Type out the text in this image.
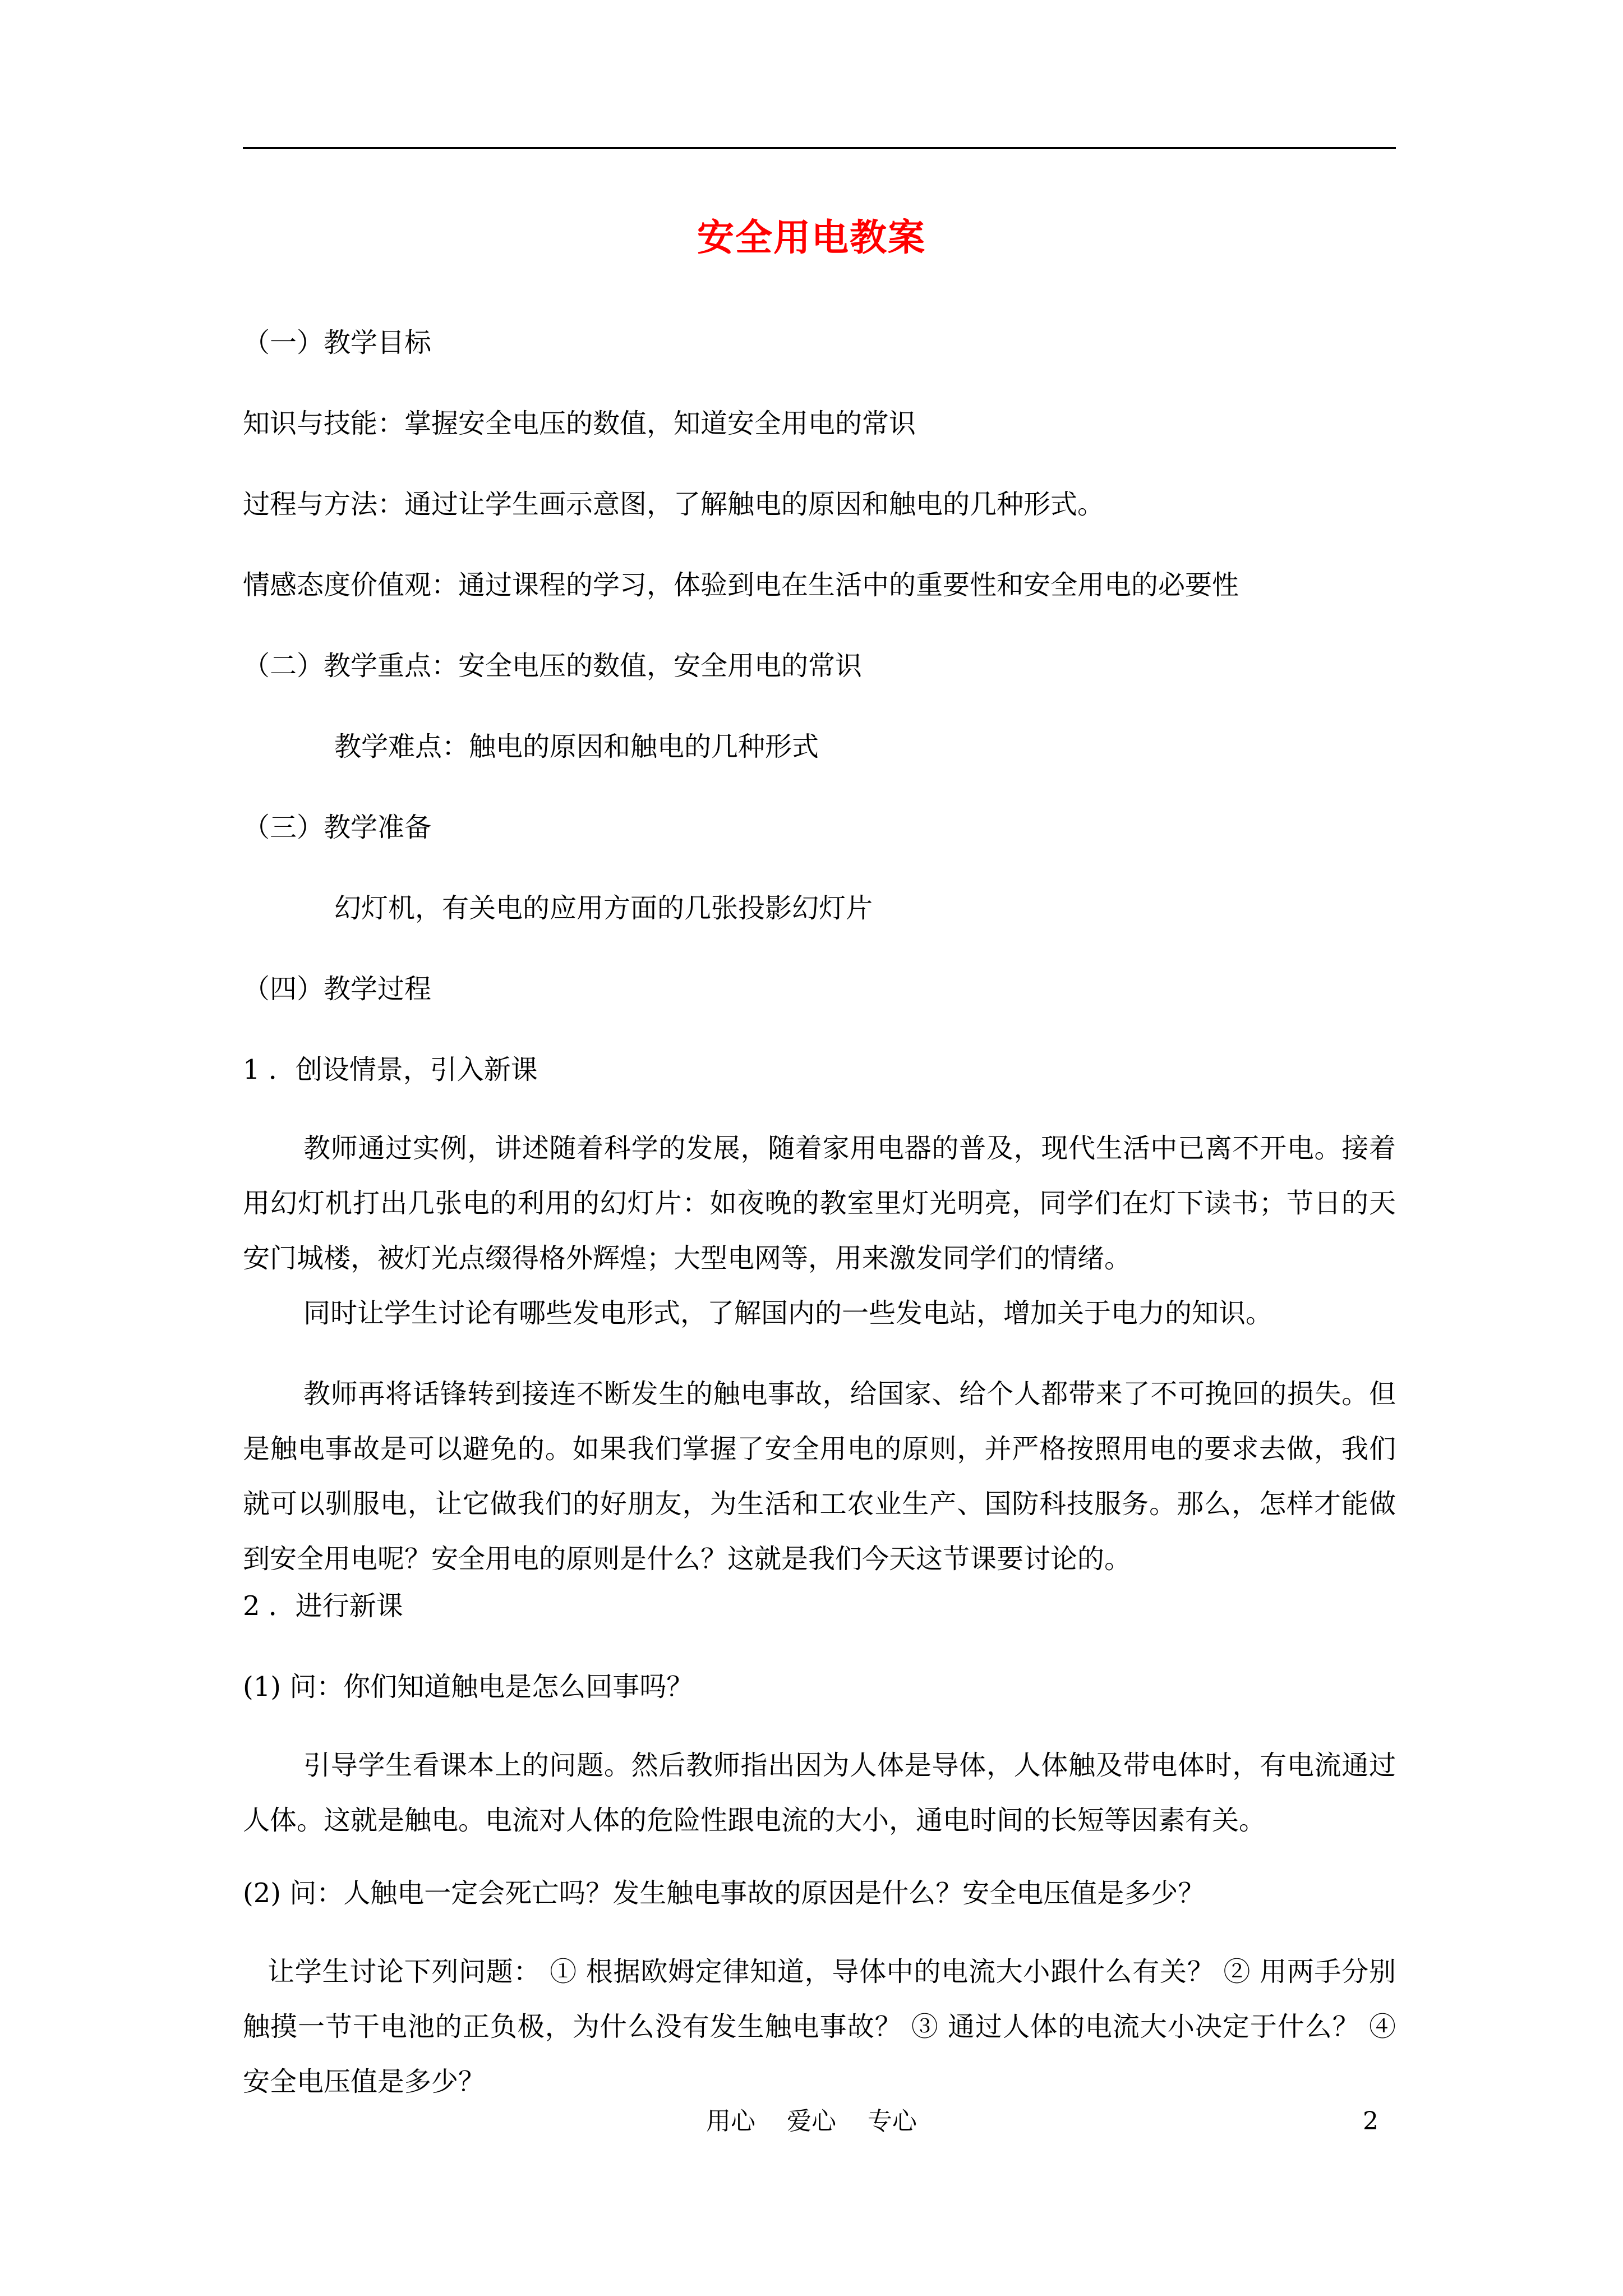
安全用电教案
（一）教学目标
知识与技能：掌握安全电压的数值，知道安全用电的常识
过程与方法：通过让学生画示意图，了解触电的原因和触电的几种形式。
情感态度价值观：通过课程的学习，体验到电在生活中的重要性和安全用电的必要性
（二）教学重点：安全电压的数值，安全用电的常识
教学难点：触电的原因和触电的几种形式
（三）教学准备
幻灯机，有关电的应用方面的几张投影幻灯片
（四）教学过程
1 ．创设情景，引入新课
教师通过实例，讲述随着科学的发展，随着家用电器的普及，现代生活中已离不开电。接着用幻灯机打出几张电的利用的幻灯片：如夜晚的教室里灯光明亮，同学们在灯下读书；节日的天安门城楼，被灯光点缀得格外辉煌；大型电网等，用来激发同学们的情绪。
同时让学生讨论有哪些发电形式，了解国内的一些发电站，增加关于电力的知识。
教师再将话锋转到接连不断发生的触电事故，给国家、给个人都带来了不可挽回的损失。但是触电事故是可以避免的。如果我们掌握了安全用电的原则，并严格按照用电的要求去做，我们就可以驯服电，让它做我们的好朋友，为生活和工农业生产、国防科技服务。那么，怎样才能做到安全用电呢？安全用电的原则是什么？这就是我们今天这节课要讨论的。
2 ．进行新课
(1) 问：你们知道触电是怎么回事吗？
引导学生看课本上的问题。然后教师指出因为人体是导体，人体触及带电体时，有电流通过人体。这就是触电。电流对人体的危险性跟电流的大小，通电时间的长短等因素有关。
(2) 问：人触电一定会死亡吗？发生触电事故的原因是什么？安全电压值是多少？
让学生讨论下列问题： ① 根据欧姆定律知道，导体中的电流大小跟什么有关？ ② 用两手分别触摸一节干电池的正负极，为什么没有发生触电事故？ ③ 通过人体的电流大小决定于什么？ ④ 安全电压值是多少？
用心    爱心    专心	2
